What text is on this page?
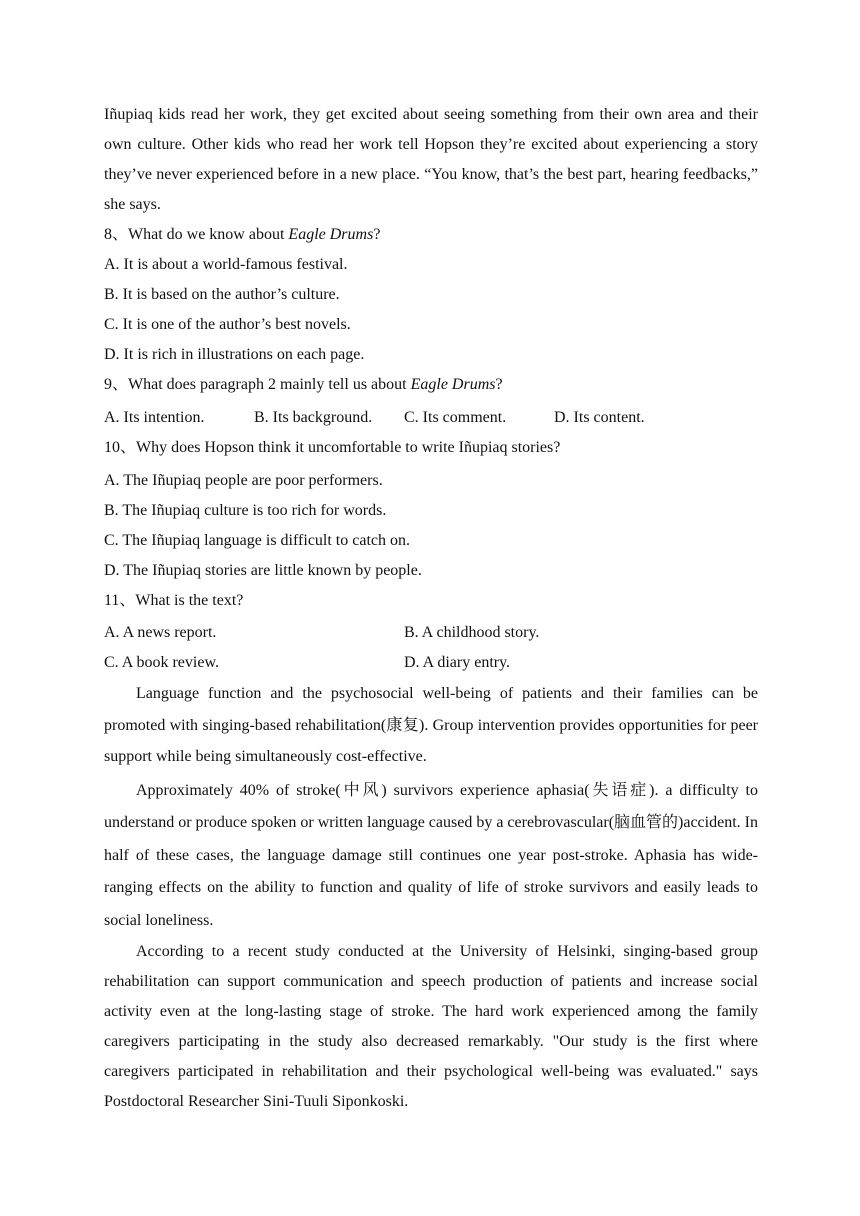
Iñupiaq kids read her work, they get excited about seeing something from their own area and their own culture. Other kids who read her work tell Hopson they’re excited about experiencing a story they’ve never experienced before in a new place. “You know, that’s the best part, hearing feedbacks,” she says.

8、What do we know about Eagle Drums?

A. It is about a world-famous festival.

B. It is based on the author’s culture.

C. It is one of the author’s best novels.

D. It is rich in illustrations on each page.

9、What does paragraph 2 mainly tell us about Eagle Drums?

A. Its intention.	B. Its background.	C. Its comment.	D. Its content.

10、Why does Hopson think it uncomfortable to write Iñupiaq stories?

A. The Iñupiaq people are poor performers.

B. The Iñupiaq culture is too rich for words.

C. The Iñupiaq language is difficult to catch on.

D. The Iñupiaq stories are little known by people.

11、What is the text?

A. A news report.	B. A childhood story.
C. A book review.	D. A diary entry.

Language function and the psychosocial well-being of patients and their families can be promoted with singing-based rehabilitation(康复). Group intervention provides opportunities for peer support while being simultaneously cost-effective.

Approximately 40% of stroke(中风) survivors experience aphasia(失语症). a difficulty to understand or produce spoken or written language caused by a cerebrovascular(脑血管的)accident. In half of these cases, the language damage still continues one year post-stroke. Aphasia has wide-ranging effects on the ability to function and quality of life of stroke survivors and easily leads to social loneliness.

According to a recent study conducted at the University of Helsinki, singing-based group rehabilitation can support communication and speech production of patients and increase social activity even at the long-lasting stage of stroke. The hard work experienced among the family caregivers participating in the study also decreased remarkably. "Our study is the first where caregivers participated in rehabilitation and their psychological well-being was evaluated." says Postdoctoral Researcher Sini-Tuuli Siponkoski.
